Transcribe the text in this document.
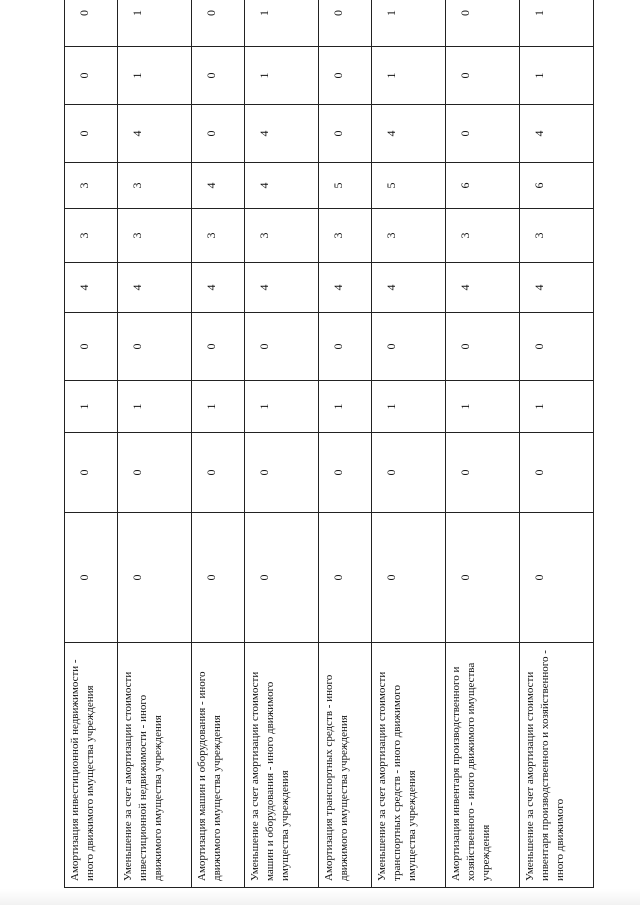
Амортизация инвестиционной недвижимости - иного движимого имущества учреждения	0	0	1	0	4	3	3	0	0	0
Уменьшение за счет амортизации стоимости инвестиционной недвижимости - иного движимого имущества учреждения	0	0	1	0	4	3	3	4	1	1
Амортизация машин и оборудования - иного движимого имущества учреждения	0	0	1	0	4	3	4	0	0	0
Уменьшение за счет амортизации стоимости машин и оборудования - иного движимого имущества учреждения	0	0	1	0	4	3	4	4	1	1
Амортизация транспортных средств - иного движимого имущества учреждения	0	0	1	0	4	3	5	0	0	0
Уменьшение за счет амортизации стоимости транспортных средств - иного движимого имущества учреждения	0	0	1	0	4	3	5	4	1	1
Амортизация инвентаря производственного и хозяйственного - иного движимого имущества учреждения	0	0	1	0	4	3	6	0	0	0
Уменьшение за счет амортизации стоимости инвентаря производственного и хозяйственного - иного движимого	0	0	1	0	4	3	6	4	1	1
